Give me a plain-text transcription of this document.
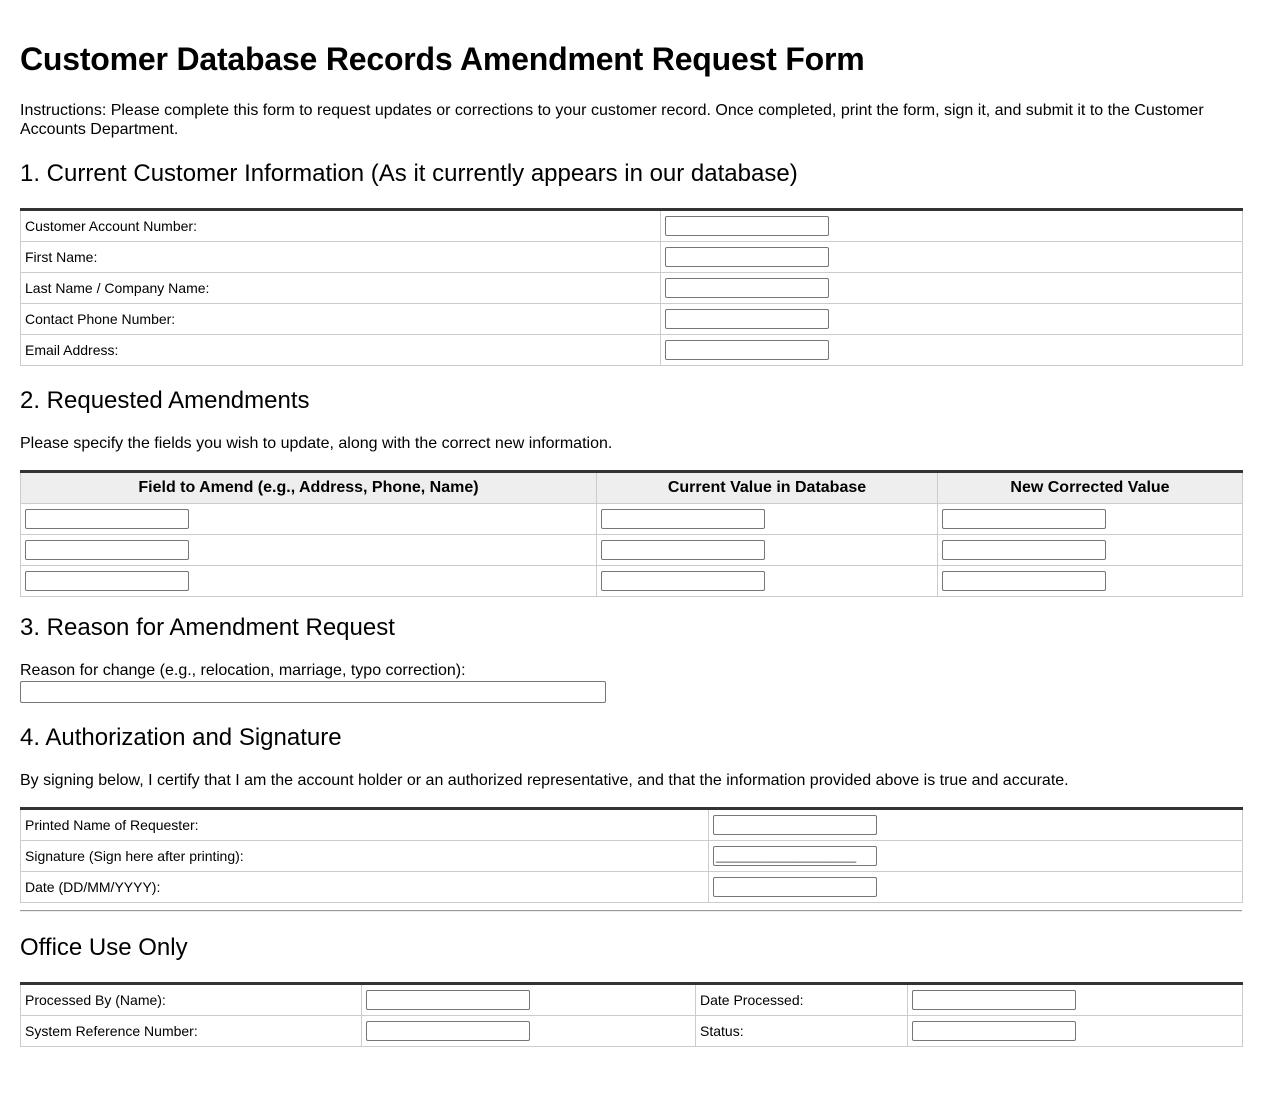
Customer Database Records Amendment Request Form

Instructions: Please complete this form to request updates or corrections to your customer record. Once completed, print the form, sign it, and submit it to the Customer Accounts Department.

1. Current Customer Information (As it currently appears in our database)
Customer Account Number:	

First Name:	

Last Name / Company Name:	

Contact Phone Number:	

Email Address:	
2. Requested Amendments

Please specify the fields you wish to update, along with the correct new information.

Field to Amend (e.g., Address, Phone, Name)	Current Value in Database	New Corrected Value

3. Reason for Amendment Request

Reason for change (e.g., relocation, marriage, typo correction):

4. Authorization and Signature

By signing below, I certify that I am the account holder or an authorized representative, and that the information provided above is true and accurate.

Printed Name of Requester:	

Signature (Sign here after printing):	_____________________

Date (DD/MM/YYYY):	
Office Use Only
Processed By (Name):		Date Processed:	

System Reference Number:		Status:	
